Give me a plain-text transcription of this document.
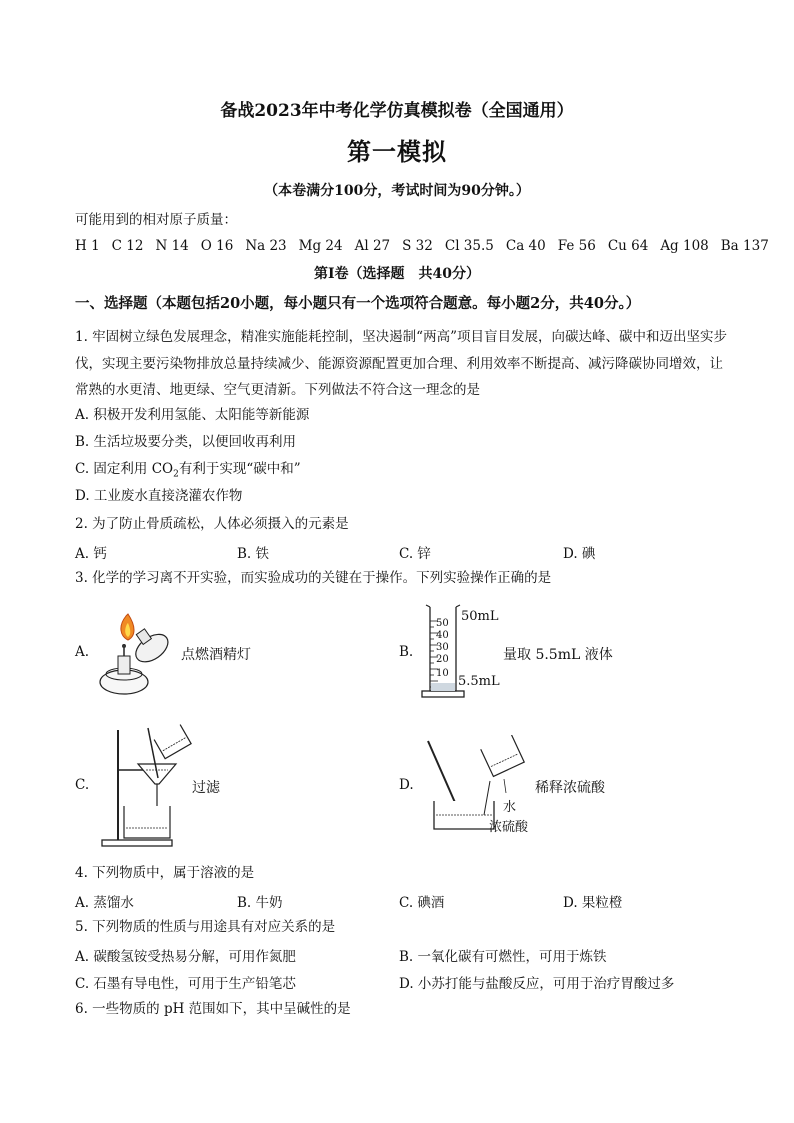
备战2023年中考化学仿真模拟卷（全国通用）
第一模拟
（本卷满分100分，考试时间为90分钟。）
可能用到的相对原子质量：
H 1 C 12 N 14 O 16 Na 23 Mg 24 Al 27 S 32 Cl 35.5 Ca 40 Fe 56 Cu 64 Ag 108 Ba 137
第Ⅰ卷（选择题　共40分）
一、选择题（本题包括20小题，每小题只有一个选项符合题意。每小题2分，共40分。）
1. 牢固树立绿色发展理念，精准实施能耗控制，坚决遏制“两高”项目盲目发展，向碳达峰、碳中和迈出坚实步伐，实现主要污染物排放总量持续减少、能源资源配置更加合理、利用效率不断提高、减污降碳协同增效，让常熟的水更清、地更绿、空气更清新。下列做法不符合这一理念的是
A. 积极开发利用氢能、太阳能等新能源
B. 生活垃圾要分类，以便回收再利用
C. 固定利用 $CO_2$有利于实现“碳中和”
D. 工业废水直接浇灌农作物
2. 为了防止骨质疏松，人体必须摄入的元素是
A. 钙	B. 铁	C. 锌	D. 碘
3. 化学的学习离不开实验，而实验成功的关键在于操作。下列实验操作正确的是
A.	点燃酒精灯	B.
50
40
30
20
10
50mL
5.5mL
量取 5.5mL 液体
C.	过滤	D.
水
浓硫酸
稀释浓硫酸
4. 下列物质中，属于溶液的是
A. 蒸馏水	B. 牛奶	C. 碘酒	D. 果粒橙
5. 下列物质的性质与用途具有对应关系的是
A. 碳酸氢铵受热易分解，可用作氮肥	B. 一氧化碳有可燃性，可用于炼铁
C. 石墨有导电性，可用于生产铅笔芯	D. 小苏打能与盐酸反应，可用于治疗胃酸过多
6. 一些物质的 pH 范围如下，其中呈碱性的是
